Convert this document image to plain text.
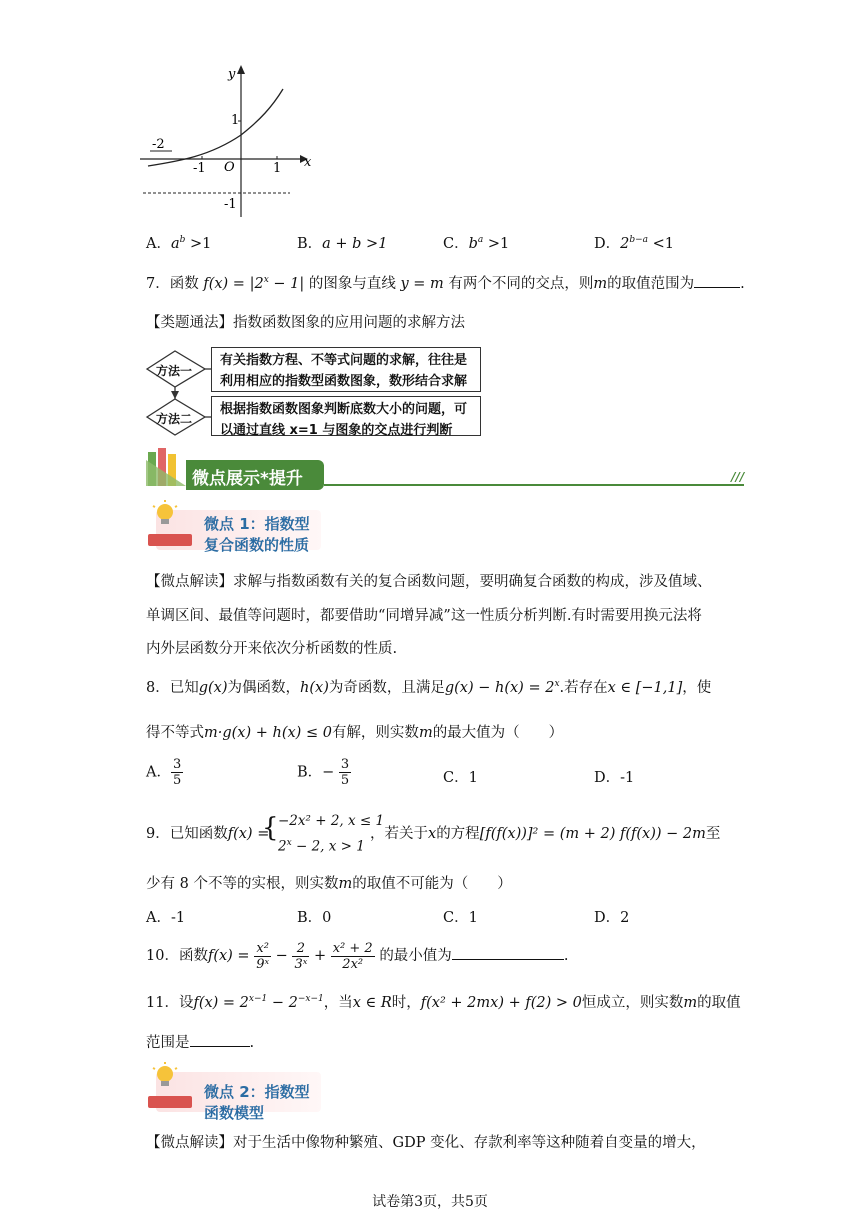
y
x
O
1
-2
-1	1
-1
A．$a^b >1$	B．a + b >1	C．$b^a >1$	D．$2^{b-a} <1$
7．函数 $f(x) = |2^x - 1|$ 的图象与直线 y = m 有两个不同的交点，则m的取值范围为	.
【类题通法】指数函数图象的应用问题的求解方法
方法一
方法二
有关指数方程、不等式问题的求解，往往是利用相应的指数型函数图象，数形结合求解
根据指数函数图象判断底数大小的问题，可以通过直线 x=1 与图象的交点进行判断
微点展示*提升	///
微点 1：指数型复合函数的性质
【微点解读】求解与指数函数有关的复合函数问题，要明确复合函数的构成，涉及值域、
单调区间、最值等问题时，都要借助“同增异减”这一性质分析判断.有时需要用换元法将
内外层函数分开来依次分析函数的性质.
8．已知g(x)为偶函数，h(x)为奇函数，且满足$g(x) - h(x) = 2^x$.若存在x ∈ [−1,1]，使
得不等式m·g(x) + h(x) ≤ 0有解，则实数m的最大值为（　　）
A． $\frac{3}{5}$	B．− $\frac{3}{5}$	C．1	D．-1
9．已知函数f(x) =
{ −2x² + 2, x ≤ 1
$2^x - 2$, x > 1
，若关于x的方程[f(f(x))]² = (m + 2) f(f(x)) − 2m至
少有 8 个不等的实根，则实数m的取值不可能为（　　）
A．-1	B．0	C．1	D．2
10．函数$f(x) = \frac{\text{x²}}{\text{9ˣ}} - \frac{2}{\text{3ˣ}} + \frac{\text{x² + 2}}{\text{2x²}}$ 的最小值为	.
11．设$f(x) = 2^{x-1} - 2^{-x-1}$，当x ∈ R时，f(x² + 2mx) + f(2) > 0恒成立，则实数m的取值
范围是	.
微点 2：指数型函数模型
【微点解读】对于生活中像物种繁殖、GDP 变化、存款利率等这种随着自变量的增大，
试卷第3页，共5页
